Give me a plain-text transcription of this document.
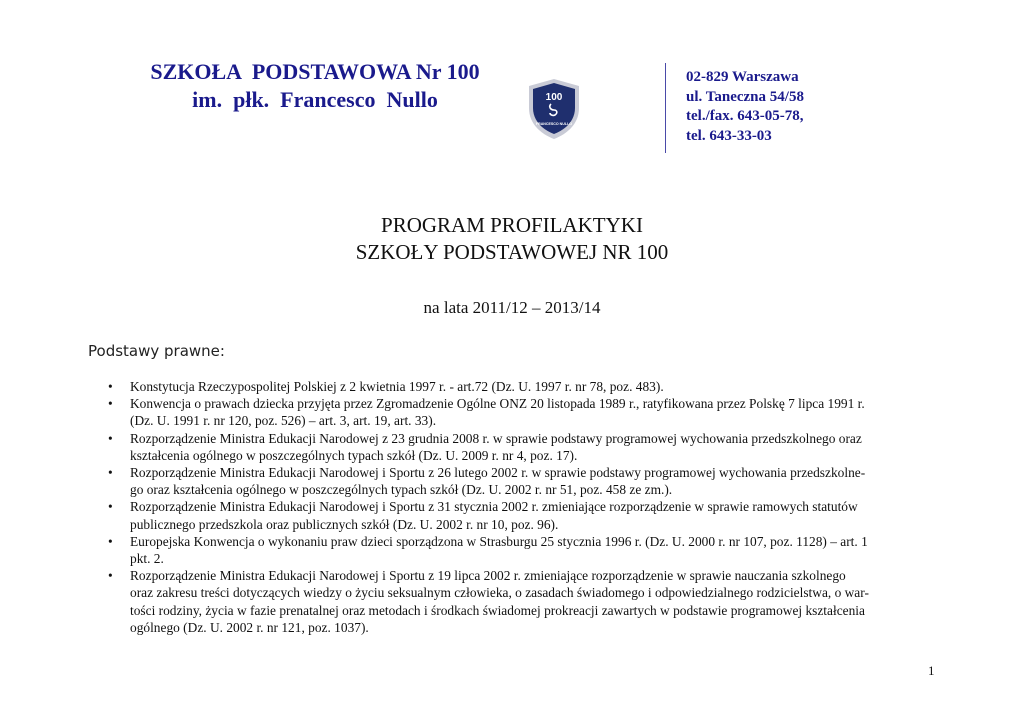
SZKOŁA  PODSTAWOWA Nr 100
im.  płk.  Francesco  Nullo	100
FRANCESCO NULLO
02-829 Warszawa
ul. Taneczna 54/58
tel./fax. 643-05-78,
tel. 643-33-03
PROGRAM PROFILAKTYKI
SZKOŁY PODSTAWOWEJ NR 100
na lata 2011/12 – 2013/14
Podstawy prawne:
• Konstytucja Rzeczypospolitej Polskiej z 2 kwietnia 1997 r. - art.72 (Dz. U. 1997 r. nr 78, poz. 483).
• Konwencja o prawach dziecka przyjęta przez Zgromadzenie Ogólne ONZ 20 listopada 1989 r., ratyfikowana przez Polskę 7 lipca 1991 r.
(Dz. U. 1991 r. nr 120, poz. 526) – art. 3, art. 19, art. 33).
• Rozporządzenie Ministra Edukacji Narodowej z 23 grudnia 2008 r. w sprawie podstawy programowej wychowania przedszkolnego oraz
kształcenia ogólnego w poszczególnych typach szkół (Dz. U. 2009 r. nr 4, poz. 17).
• Rozporządzenie Ministra Edukacji Narodowej i Sportu z 26 lutego 2002 r. w sprawie podstawy programowej wychowania przedszkolne-
go oraz kształcenia ogólnego w poszczególnych typach szkół (Dz. U. 2002 r. nr 51, poz. 458 ze zm.).
• Rozporządzenie Ministra Edukacji Narodowej i Sportu z 31 stycznia 2002 r. zmieniające rozporządzenie w sprawie ramowych statutów
publicznego przedszkola oraz publicznych szkół (Dz. U. 2002 r. nr 10, poz. 96).
• Europejska Konwencja o wykonaniu praw dzieci sporządzona w Strasburgu 25 stycznia 1996 r. (Dz. U. 2000 r. nr 107, poz. 1128) – art. 1
pkt. 2.
• Rozporządzenie Ministra Edukacji Narodowej i Sportu z 19 lipca 2002 r. zmieniające rozporządzenie w sprawie nauczania szkolnego
oraz zakresu treści dotyczących wiedzy o życiu seksualnym człowieka, o zasadach świadomego i odpowiedzialnego rodzicielstwa, o war-
tości rodziny, życia w fazie prenatalnej oraz metodach i środkach świadomej prokreacji zawartych w podstawie programowej kształcenia
ogólnego (Dz. U. 2002 r. nr 121, poz. 1037).
1
